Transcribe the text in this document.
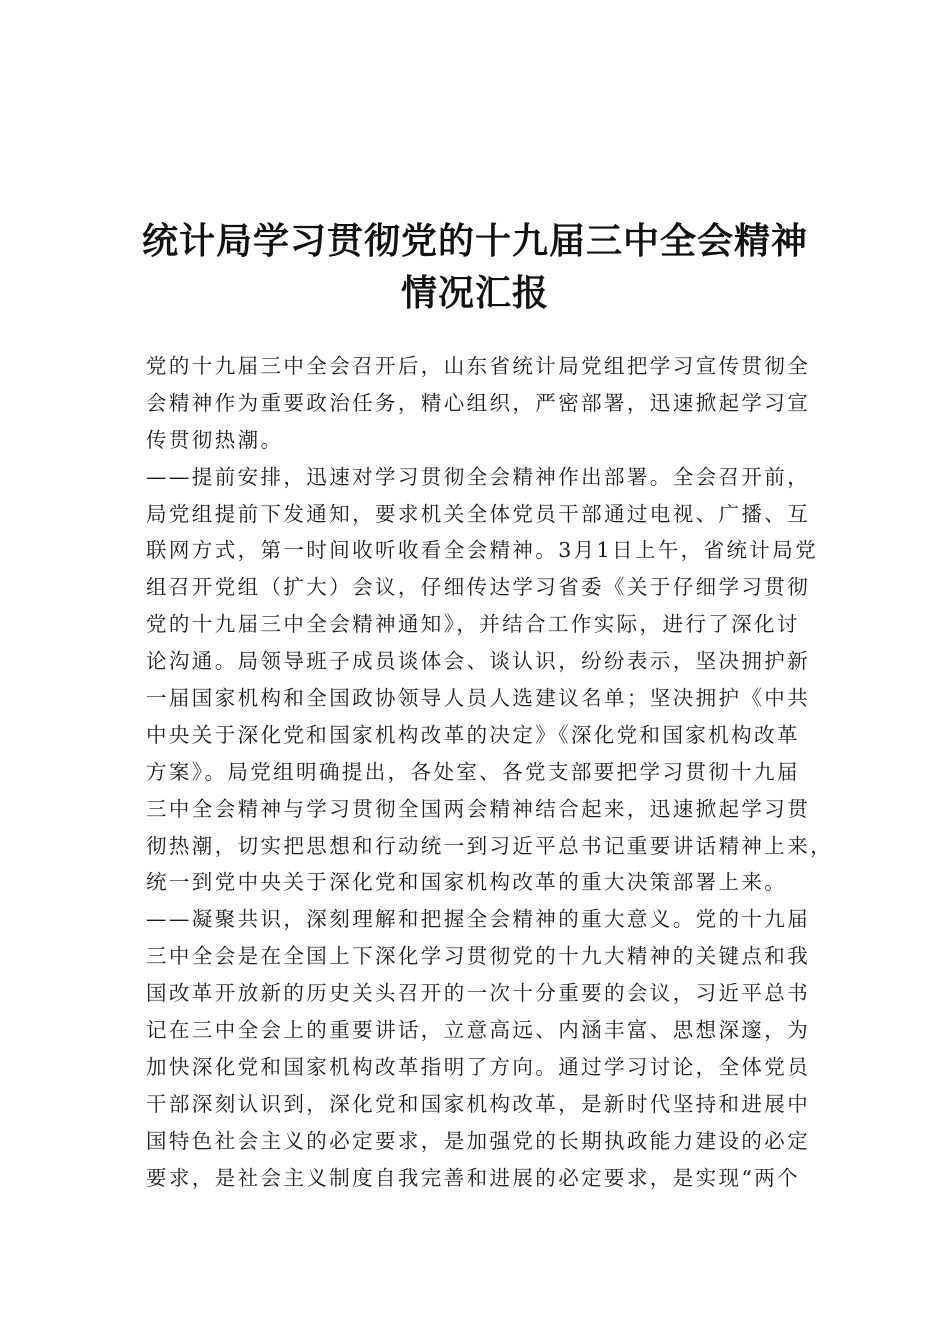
统计局学习贯彻党的十九届三中全会精神
情况汇报
党的十九届三中全会召开后，山东省统计局党组把学习宣传贯彻全
会精神作为重要政治任务，精心组织，严密部署，迅速掀起学习宣
传贯彻热潮。
——提前安排，迅速对学习贯彻全会精神作出部署。全会召开前，
局党组提前下发通知，要求机关全体党员干部通过电视、广播、互
联网方式，第一时间收听收看全会精神。3月1日上午，省统计局党
组召开党组（扩大）会议，仔细传达学习省委《关于仔细学习贯彻
党的十九届三中全会精神通知》，并结合工作实际，进行了深化讨
论沟通。局领导班子成员谈体会、谈认识，纷纷表示，坚决拥护新
一届国家机构和全国政协领导人员人选建议名单；坚决拥护《中共
中央关于深化党和国家机构改革的决定》《深化党和国家机构改革
方案》。局党组明确提出，各处室、各党支部要把学习贯彻十九届
三中全会精神与学习贯彻全国两会精神结合起来，迅速掀起学习贯
彻热潮，切实把思想和行动统一到习近平总书记重要讲话精神上来，
统一到党中央关于深化党和国家机构改革的重大决策部署上来。
——凝聚共识，深刻理解和把握全会精神的重大意义。党的十九届
三中全会是在全国上下深化学习贯彻党的十九大精神的关键点和我
国改革开放新的历史关头召开的一次十分重要的会议，习近平总书
记在三中全会上的重要讲话，立意高远、内涵丰富、思想深邃，为
加快深化党和国家机构改革指明了方向。通过学习讨论，全体党员
干部深刻认识到，深化党和国家机构改革，是新时代坚持和进展中
国特色社会主义的必定要求，是加强党的长期执政能力建设的必定
要求，是社会主义制度自我完善和进展的必定要求，是实现“两个
